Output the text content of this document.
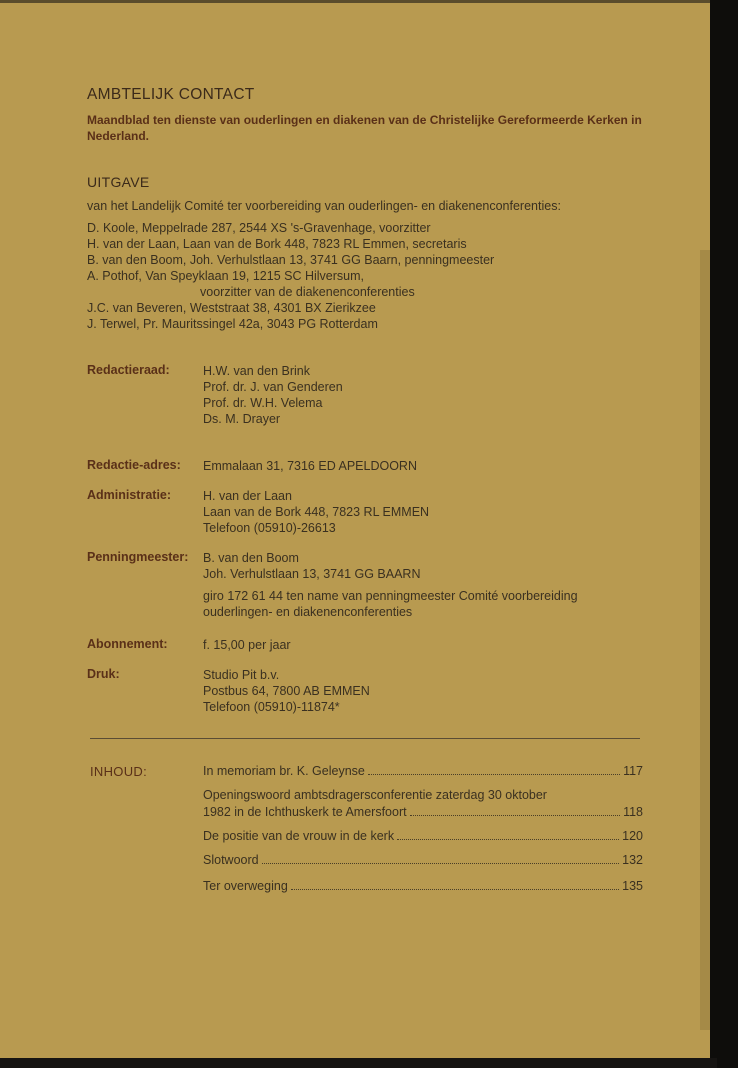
AMBTELIJK CONTACT
Maandblad ten dienste van ouderlingen en diakenen van de Christelijke Gereformeerde Kerken in Nederland.
UITGAVE
van het Landelijk Comité ter voorbereiding van ouderlingen- en diakenenconferenties:
D. Koole, Meppelrade 287, 2544 XS 's-Gravenhage, voorzitter
H. van der Laan, Laan van de Bork 448, 7823 RL Emmen, secretaris
B. van den Boom, Joh. Verhulstlaan 13, 3741 GG Baarn, penningmeester
A. Pothof, Van Speyklaan 19, 1215 SC Hilversum,
voorzitter van de diakenenconferenties
J.C. van Beveren, Weststraat 38, 4301 BX Zierikzee
J. Terwel, Pr. Mauritssingel 42a, 3043 PG Rotterdam
Redactieraad:	H.W. van den Brink
Prof. dr. J. van Genderen
Prof. dr. W.H. Velema
Ds. M. Drayer
Redactie-adres: Emmalaan 31, 7316 ED APELDOORN
Administratie:	H. van der Laan
Laan van de Bork 448, 7823 RL EMMEN
Telefoon (05910)-26613
Penningmeester: B. van den Boom
Joh. Verhulstlaan 13, 3741 GG BAARN
giro 172 61 44 ten name van penningmeester Comité voorbereiding ouderlingen- en diakenenconferenties
Abonnement:	f. 15,00 per jaar
Druk:	Studio Pit b.v.
Postbus 64, 7800 AB EMMEN
Telefoon (05910)-11874*
INHOUD:	In memoriam br. K. Geleynse	117
Openingswoord ambtsdragersconferentie zaterdag 30 oktober
1982 in de Ichthuskerk te Amersfoort	118
De positie van de vrouw in de kerk	120
Slotwoord	132
Ter overweging	135
